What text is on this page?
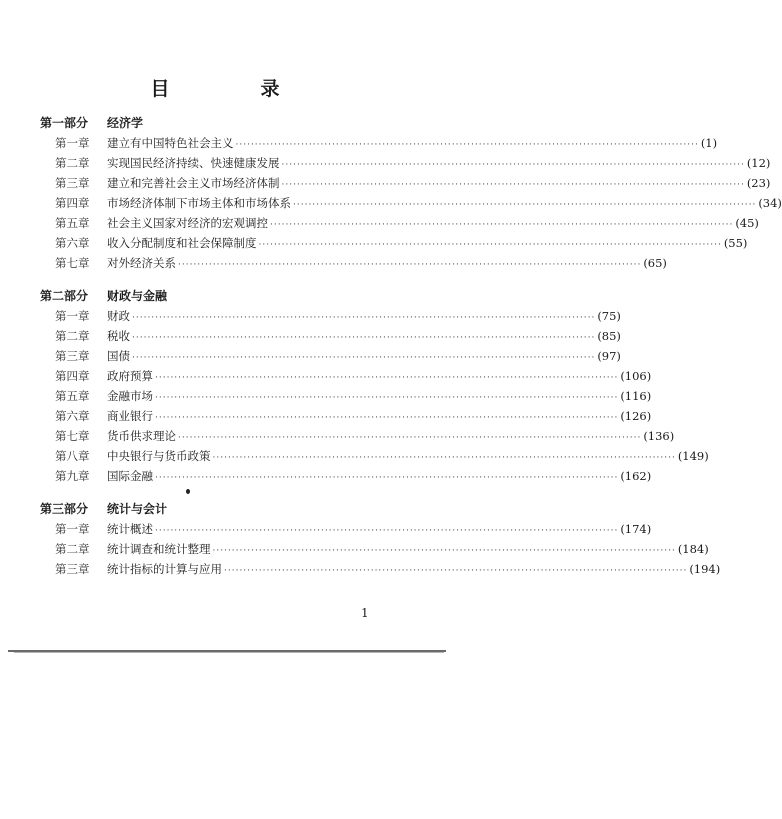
目　录
第一部分 经济学
第一章	建立有中国特色社会主义 ························································································································ (1)
第二章	实现国民经济持续、快速健康发展 ························································································································ (12)
第三章	建立和完善社会主义市场经济体制 ························································································································ (23)
第四章	市场经济体制下市场主体和市场体系 ························································································································ (34)
第五章	社会主义国家对经济的宏观调控 ························································································································ (45)
第六章	收入分配制度和社会保障制度 ························································································································ (55)
第七章	对外经济关系 ························································································································ (65)
第二部分 财政与金融
第一章	财政 ························································································································ (75)
第二章	税收 ························································································································ (85)
第三章	国债 ························································································································ (97)
第四章	政府预算 ························································································································ (106)
第五章	金融市场 ························································································································ (116)
第六章	商业银行 ························································································································ (126)
第七章	货币供求理论 ························································································································ (136)
第八章	中央银行与货币政策 ························································································································ (149)
第九章	国际金融 ························································································································ (162)
第三部分 统计与会计
第一章	统计概述 ························································································································ (174)
第二章	统计调查和统计整理 ························································································································ (184)
第三章	统计指标的计算与应用 ························································································································ (194)
1
